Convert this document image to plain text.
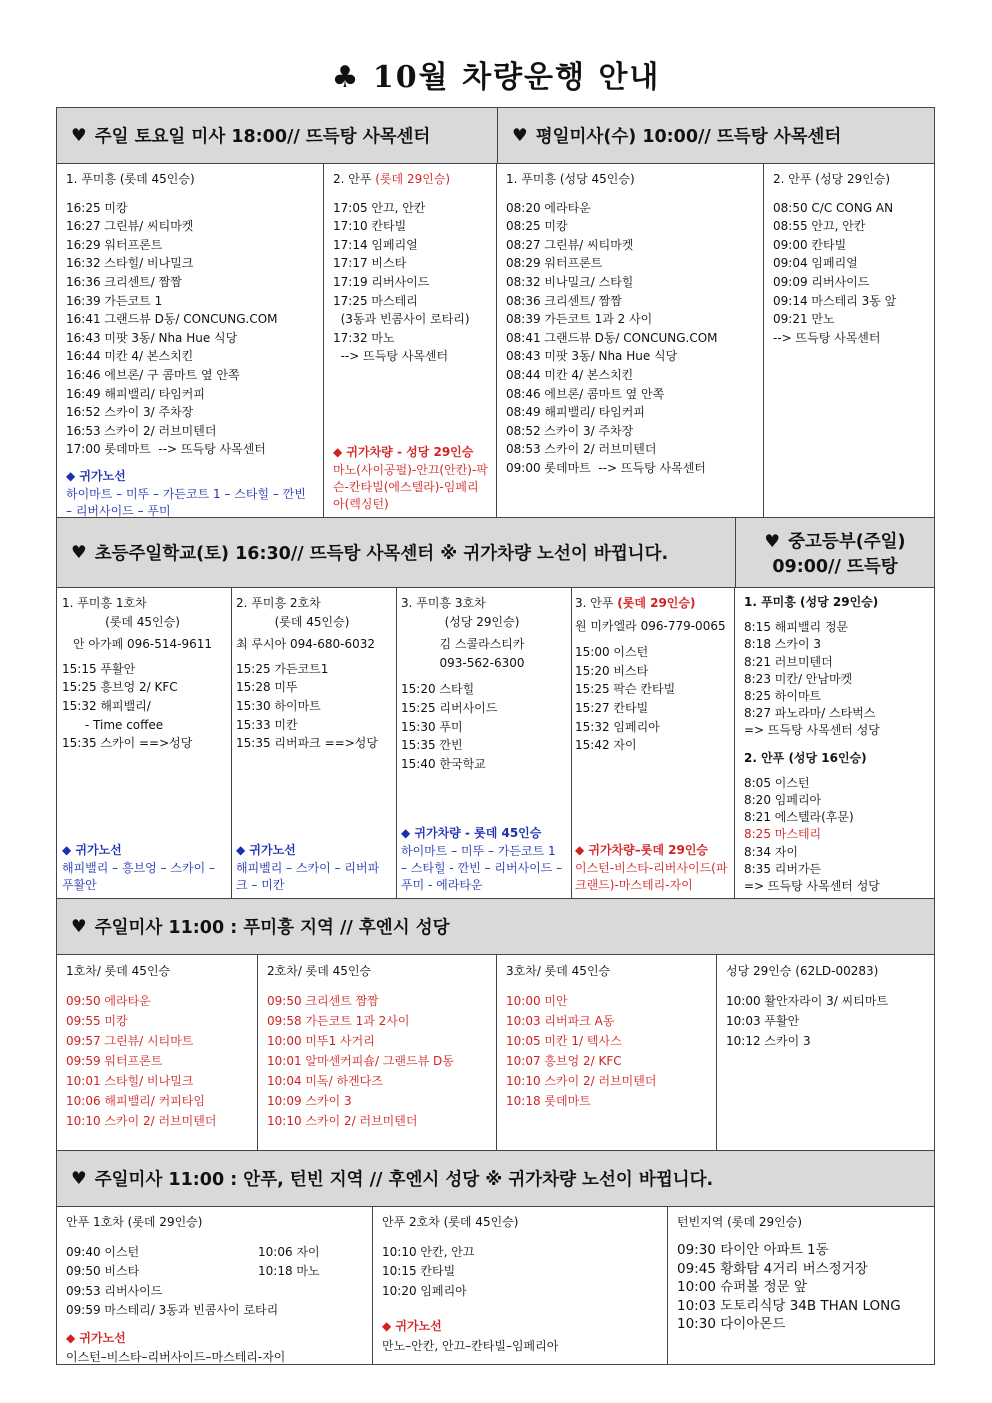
♣ 10월 차량운행 안내
♥ 주일 토요일 미사 18:00// 뜨득탕 사목센터	♥ 평일미사(수) 10:00// 뜨득탕 사목센터
1. 푸미흥 (롯데 45인승)
16:25 미캉
16:27 그린뷰/ 씨티마켓
16:29 워터프론트
16:32 스타힐/ 비나밀크
16:36 크리센트/ 짬짬
16:39 가든코트 1
16:41 그랜드뷰 D동/ CONCUNG.COM
16:43 미팟 3동/ Nha Hue 식당
16:44 미칸 4/ 본스치킨
16:46 에브론/ 구 콤마트 옆 안쪽
16:49 해피밸리/ 타임커피
16:52 스카이 3/ 주차장
16:53 스카이 2/ 러브미텐더
17:00 롯데마트  --> 뜨득탕 사목센터
◆ 귀가노선
하이마트 – 미뚜 – 가든코트 1 – 스타힐 – 깐빈 – 리버사이드 – 푸미
2. 안푸 (롯데 29인승)
17:05 안끄, 안칸
17:10 칸타빌
17:14 임페리얼
17:17 비스타
17:19 리버사이드
17:25 마스테리
(3동과 빈콤사이 로타리)
17:32 마노
--> 뜨득탕 사목센터
◆ 귀가차량 - 성당 29인승
마노(사이공펄)-안끄(안칸)-팍슨-칸타빌(에스텔라)-임페리아(렉싱턴)
1. 푸미흥 (성당 45인승)
08:20 에라타운
08:25 미캉
08:27 그린뷰/ 씨티마켓
08:29 워터프론트
08:32 비나밀크/ 스타힐
08:36 크리센트/ 짬짬
08:39 가든코트 1과 2 사이
08:41 그랜드뷰 D동/ CONCUNG.COM
08:43 미팟 3동/ Nha Hue 식당
08:44 미칸 4/ 본스치킨
08:46 에브론/ 콤마트 옆 안쪽
08:49 해피밸리/ 타임커피
08:52 스카이 3/ 주차장
08:53 스카이 2/ 러브미텐더
09:00 롯데마트  --> 뜨득탕 사목센터
2. 안푸 (성당 29인승)
08:50 C/C CONG AN
08:55 안끄, 안칸
09:00 칸타빌
09:04 임페리얼
09:09 리버사이드
09:14 마스테리 3동 앞
09:21 만노
--> 뜨득탕 사목센터
♥ 초등주일학교(토) 16:30// 뜨득탕 사목센터 ※ 귀가차량 노선이 바뀝니다.
♥ 중고등부(주일)
09:00// 뜨득탕
1. 푸미흥 1호차
(롯데 45인승)
안 아가페 096-514-9611
15:15 푸활안
15:25 흥브엉 2/ KFC
15:32 해피밸리/
- Time coffee
15:35 스카이 ==>성당
◆ 귀가노선
해피밸리 – 흥브엉 – 스카이 – 푸활안
2. 푸미흥 2호차
(롯데 45인승)
최 루시아 094-680-6032
15:25 가든코트1
15:28 미뚜
15:30 하이마트
15:33 미칸
15:35 리버파크 ==>성당
◆ 귀가노선
해피벨리 – 스카이 – 리버파크 – 미칸
3. 푸미흥 3호차
(성당 29인승)
김 스콜라스티카
093-562-6300
15:20 스타힐
15:25 리버사이드
15:30 푸미
15:35 깐빈
15:40 한국학교
◆ 귀가차량 - 롯데 45인승
하이마트 – 미뚜 – 가든코트 1 – 스타힐 - 깐빈 – 리버사이드 – 푸미 - 에라타운
3. 안푸 (롯데 29인승)
원 미카엘라 096-779-0065
15:00 이스턴
15:20 비스타
15:25 팍슨 칸타빌
15:27 칸타빌
15:32 임페리아
15:42 자이
◆ 귀가차량–롯데 29인승
이스턴-비스타-리버사이드(파크랜드)-마스테리-자이
1. 푸미흥 (성당 29인승)
8:15 해피밸리 정문
8:18 스카이 3
8:21 러브미텐더
8:23 미칸/ 안남마켓
8:25 하이마트
8:27 파노라마/ 스타벅스
=> 뜨득탕 사목센터 성당
2. 안푸 (성당 16인승)
8:05 이스턴
8:20 임페리아
8:21 에스텔라(후문)
8:25 마스테리
8:34 자이
8:35 리버가든
=> 뜨득탕 사목센터 성당
♥ 주일미사 11:00 : 푸미흥 지역 // 후엔시 성당
1호차/ 롯데 45인승
09:50 에라타운
09:55 미캉
09:57 그린뷰/ 시티마트
09:59 워터프론트
10:01 스타힐/ 비나밀크
10:06 해피밸리/ 커피타임
10:10 스카이 2/ 러브미텐더
2호차/ 롯데 45인승
09:50 크리센트 짬짬
09:58 가든코트 1과 2사이
10:00 미뚜1 사거리
10:01 알마센커피숍/ 그랜드뷰 D동
10:04 미독/ 하겐다즈
10:09 스카이 3
10:10 스카이 2/ 러브미텐더
3호차/ 롯데 45인승
10:00 미안
10:03 리버파크 A동
10:05 미칸 1/ 텍사스
10:07 흥브엉 2/ KFC
10:10 스카이 2/ 러브미텐더
10:18 롯데마트
성당 29인승 (62LD-00283)
10:00 활안자라이 3/ 씨티마트
10:03 푸활안
10:12 스카이 3
♥ 주일미사 11:00 : 안푸, 턴빈 지역 // 후엔시 성당 ※ 귀가차량 노선이 바뀝니다.
안푸 1호차 (롯데 29인승)
09:40 이스턴
09:50 비스타
09:53 리버사이드
09:59 마스테리/ 3동과 빈콤사이 로타리
10:06 자이
10:18 마노
◆ 귀가노선
이스턴–비스타–리버사이드–마스테리-자이
안푸 2호차 (롯데 45인승)
10:10 안칸, 안끄
10:15 칸타빌
10:20 임페리아
◆ 귀가노선
만노–안칸, 안끄–칸타빌–임페리아
턴빈지역 (롯데 29인승)
09:30 타이안 아파트 1동
09:45 황화탐 4거리 버스정거장
10:00 슈퍼볼 정문 앞
10:03 도토리식당 34B THAN LONG
10:30 다이아몬드
